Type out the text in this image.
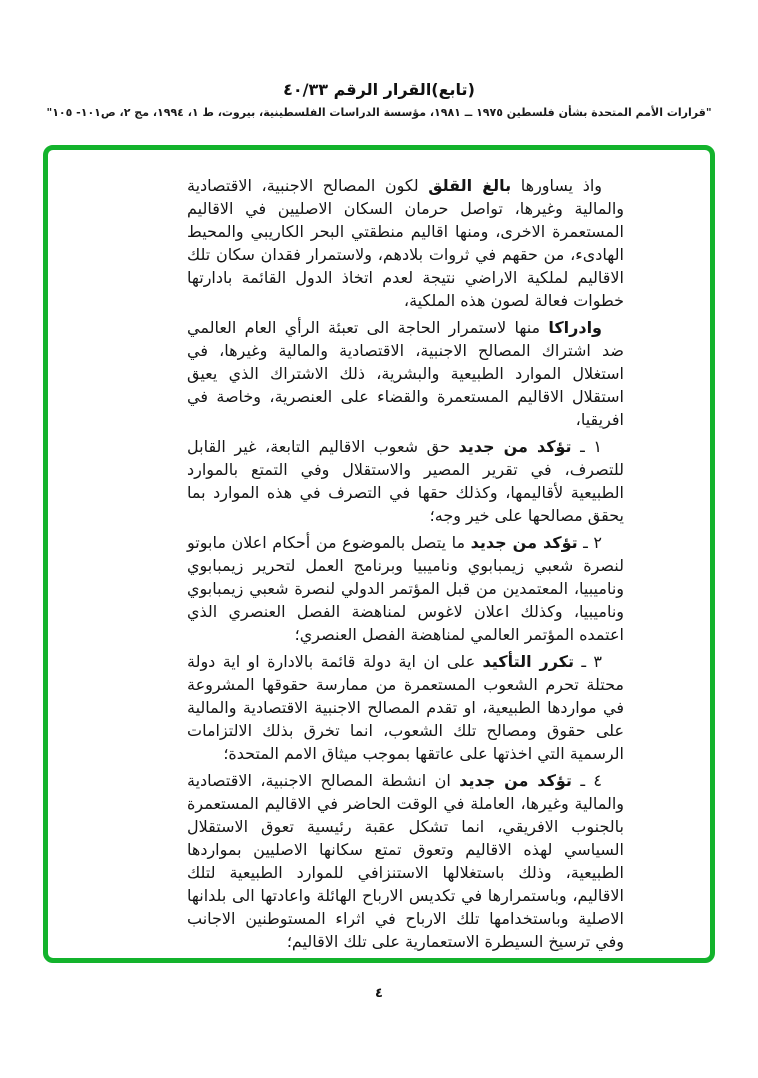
(تابع)القرار الرقم ٤٠/٣٣
"قرارات الأمم المتحدة بشأن فلسطين ١٩٧٥ ــ ١٩٨١، مؤسسة الدراسات الفلسطينية، بيروت، ط ١، ١٩٩٤، مج ٢، ص١٠١- ١٠٥"

واذ يساورها بالغ القلق لكون المصالح الاجنبية، الاقتصادية والمالية وغيرها، تواصل حرمان السكان الاصليين في الاقاليم المستعمرة الاخرى، ومنها اقاليم منطقتي البحر الكاريبي والمحيط الهادىء، من حقهم في ثروات بلادهم، ولاستمرار فقدان سكان تلك الاقاليم لملكية الاراضي نتيجة لعدم اتخاذ الدول القائمة بادارتها خطوات فعالة لصون هذه الملكية،

وادراكا منها لاستمرار الحاجة الى تعبئة الرأي العام العالمي ضد اشتراك المصالح الاجنبية، الاقتصادية والمالية وغيرها، في استغلال الموارد الطبيعية والبشرية، ذلك الاشتراك الذي يعيق استقلال الاقاليم المستعمرة والقضاء على العنصرية، وخاصة في افريقيا،

١ ـ تؤكد من جديد حق شعوب الاقاليم التابعة، غير القابل للتصرف، في تقرير المصير والاستقلال وفي التمتع بالموارد الطبيعية لأقاليمها، وكذلك حقها في التصرف في هذه الموارد بما يحقق مصالحها على خير وجه؛

٢ ـ تؤكد من جديد ما يتصل بالموضوع من أحكام اعلان مابوتو لنصرة شعبي زيمبابوي وناميبيا وبرنامج العمل لتحرير زيمبابوي وناميبيا، المعتمدين من قبل المؤتمر الدولي لنصرة شعبي زيمبابوي وناميبيا، وكذلك اعلان لاغوس لمناهضة الفصل العنصري الذي اعتمده المؤتمر العالمي لمناهضة الفصل العنصري؛

٣ ـ تكرر التأكيد على ان اية دولة قائمة بالادارة او اية دولة محتلة تحرم الشعوب المستعمرة من ممارسة حقوقها المشروعة في مواردها الطبيعية، او تقدم المصالح الاجنبية الاقتصادية والمالية على حقوق ومصالح تلك الشعوب، انما تخرق بذلك الالتزامات الرسمية التي اخذتها على عاتقها بموجب ميثاق الامم المتحدة؛

٤ ـ تؤكد من جديد ان انشطة المصالح الاجنبية، الاقتصادية والمالية وغيرها، العاملة في الوقت الحاضر في الاقاليم المستعمرة بالجنوب الافريقي، انما تشكل عقبة رئيسية تعوق الاستقلال السياسي لهذه الاقاليم وتعوق تمتع سكانها الاصليين بمواردها الطبيعية، وذلك باستغلالها الاستنزافي للموارد الطبيعية لتلك الاقاليم، وباستمرارها في تكديس الارباح الهائلة واعادتها الى بلدانها الاصلية وباستخدامها تلك الارباح في اثراء المستوطنين الاجانب وفي ترسيخ السيطرة الاستعمارية على تلك الاقاليم؛

٤
